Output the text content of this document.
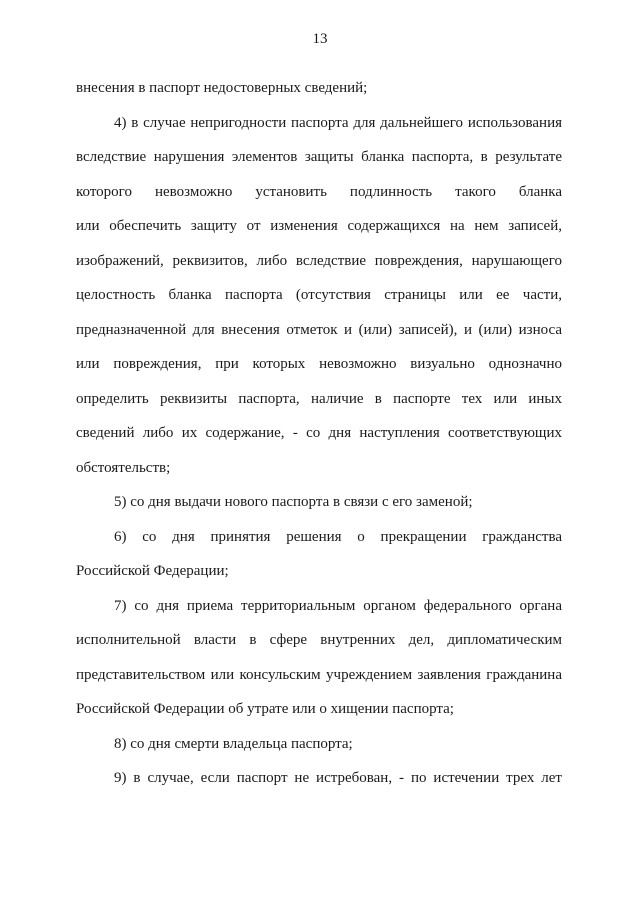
13
внесения в паспорт недостоверных сведений;
4) в случае непригодности паспорта для дальнейшего использования
вследствие нарушения элементов защиты бланка паспорта, в результате
которого невозможно установить подлинность такого бланка
или обеспечить защиту от изменения содержащихся на нем записей,
изображений, реквизитов, либо вследствие повреждения, нарушающего
целостность бланка паспорта (отсутствия страницы или ее части,
предназначенной для внесения отметок и (или) записей), и (или) износа
или повреждения, при которых невозможно визуально однозначно
определить реквизиты паспорта, наличие в паспорте тех или иных
сведений либо их содержание, - со дня наступления соответствующих
обстоятельств;
5) со дня выдачи нового паспорта в связи с его заменой;
6) со дня принятия решения о прекращении гражданства
Российской Федерации;
7) со дня приема территориальным органом федерального органа
исполнительной власти в сфере внутренних дел, дипломатическим
представительством или консульским учреждением заявления гражданина
Российской Федерации об утрате или о хищении паспорта;
8) со дня смерти владельца паспорта;
9) в случае, если паспорт не истребован, - по истечении трех лет
